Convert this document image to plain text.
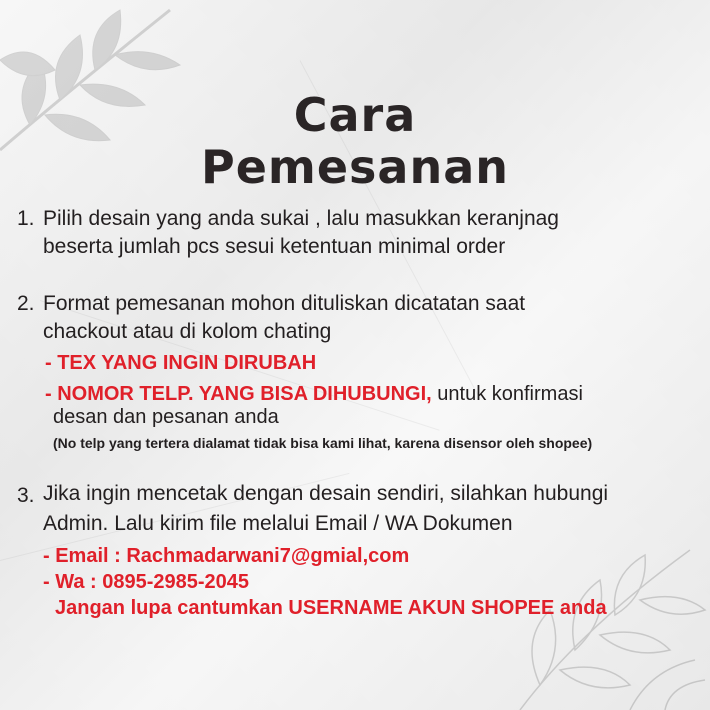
Cara
Pemesanan
1. Pilih desain yang anda sukai , lalu masukkan keranjnag
beserta jumlah pcs sesui ketentuan minimal order
2. Format pemesanan mohon dituliskan dicatatan saat
chackout atau di kolom chating
- TEX YANG INGIN DIRUBAH
- NOMOR TELP. YANG BISA DIHUBUNGI, untuk konfirmasi
desan dan pesanan anda
(No telp yang tertera dialamat tidak bisa kami lihat, karena disensor oleh shopee)
3. Jika ingin mencetak dengan desain sendiri, silahkan hubungi
Admin. Lalu kirim file melalui Email / WA Dokumen
- Email : Rachmadarwani7@gmial,com
- Wa : 0895-2985-2045
Jangan lupa cantumkan USERNAME AKUN SHOPEE anda
